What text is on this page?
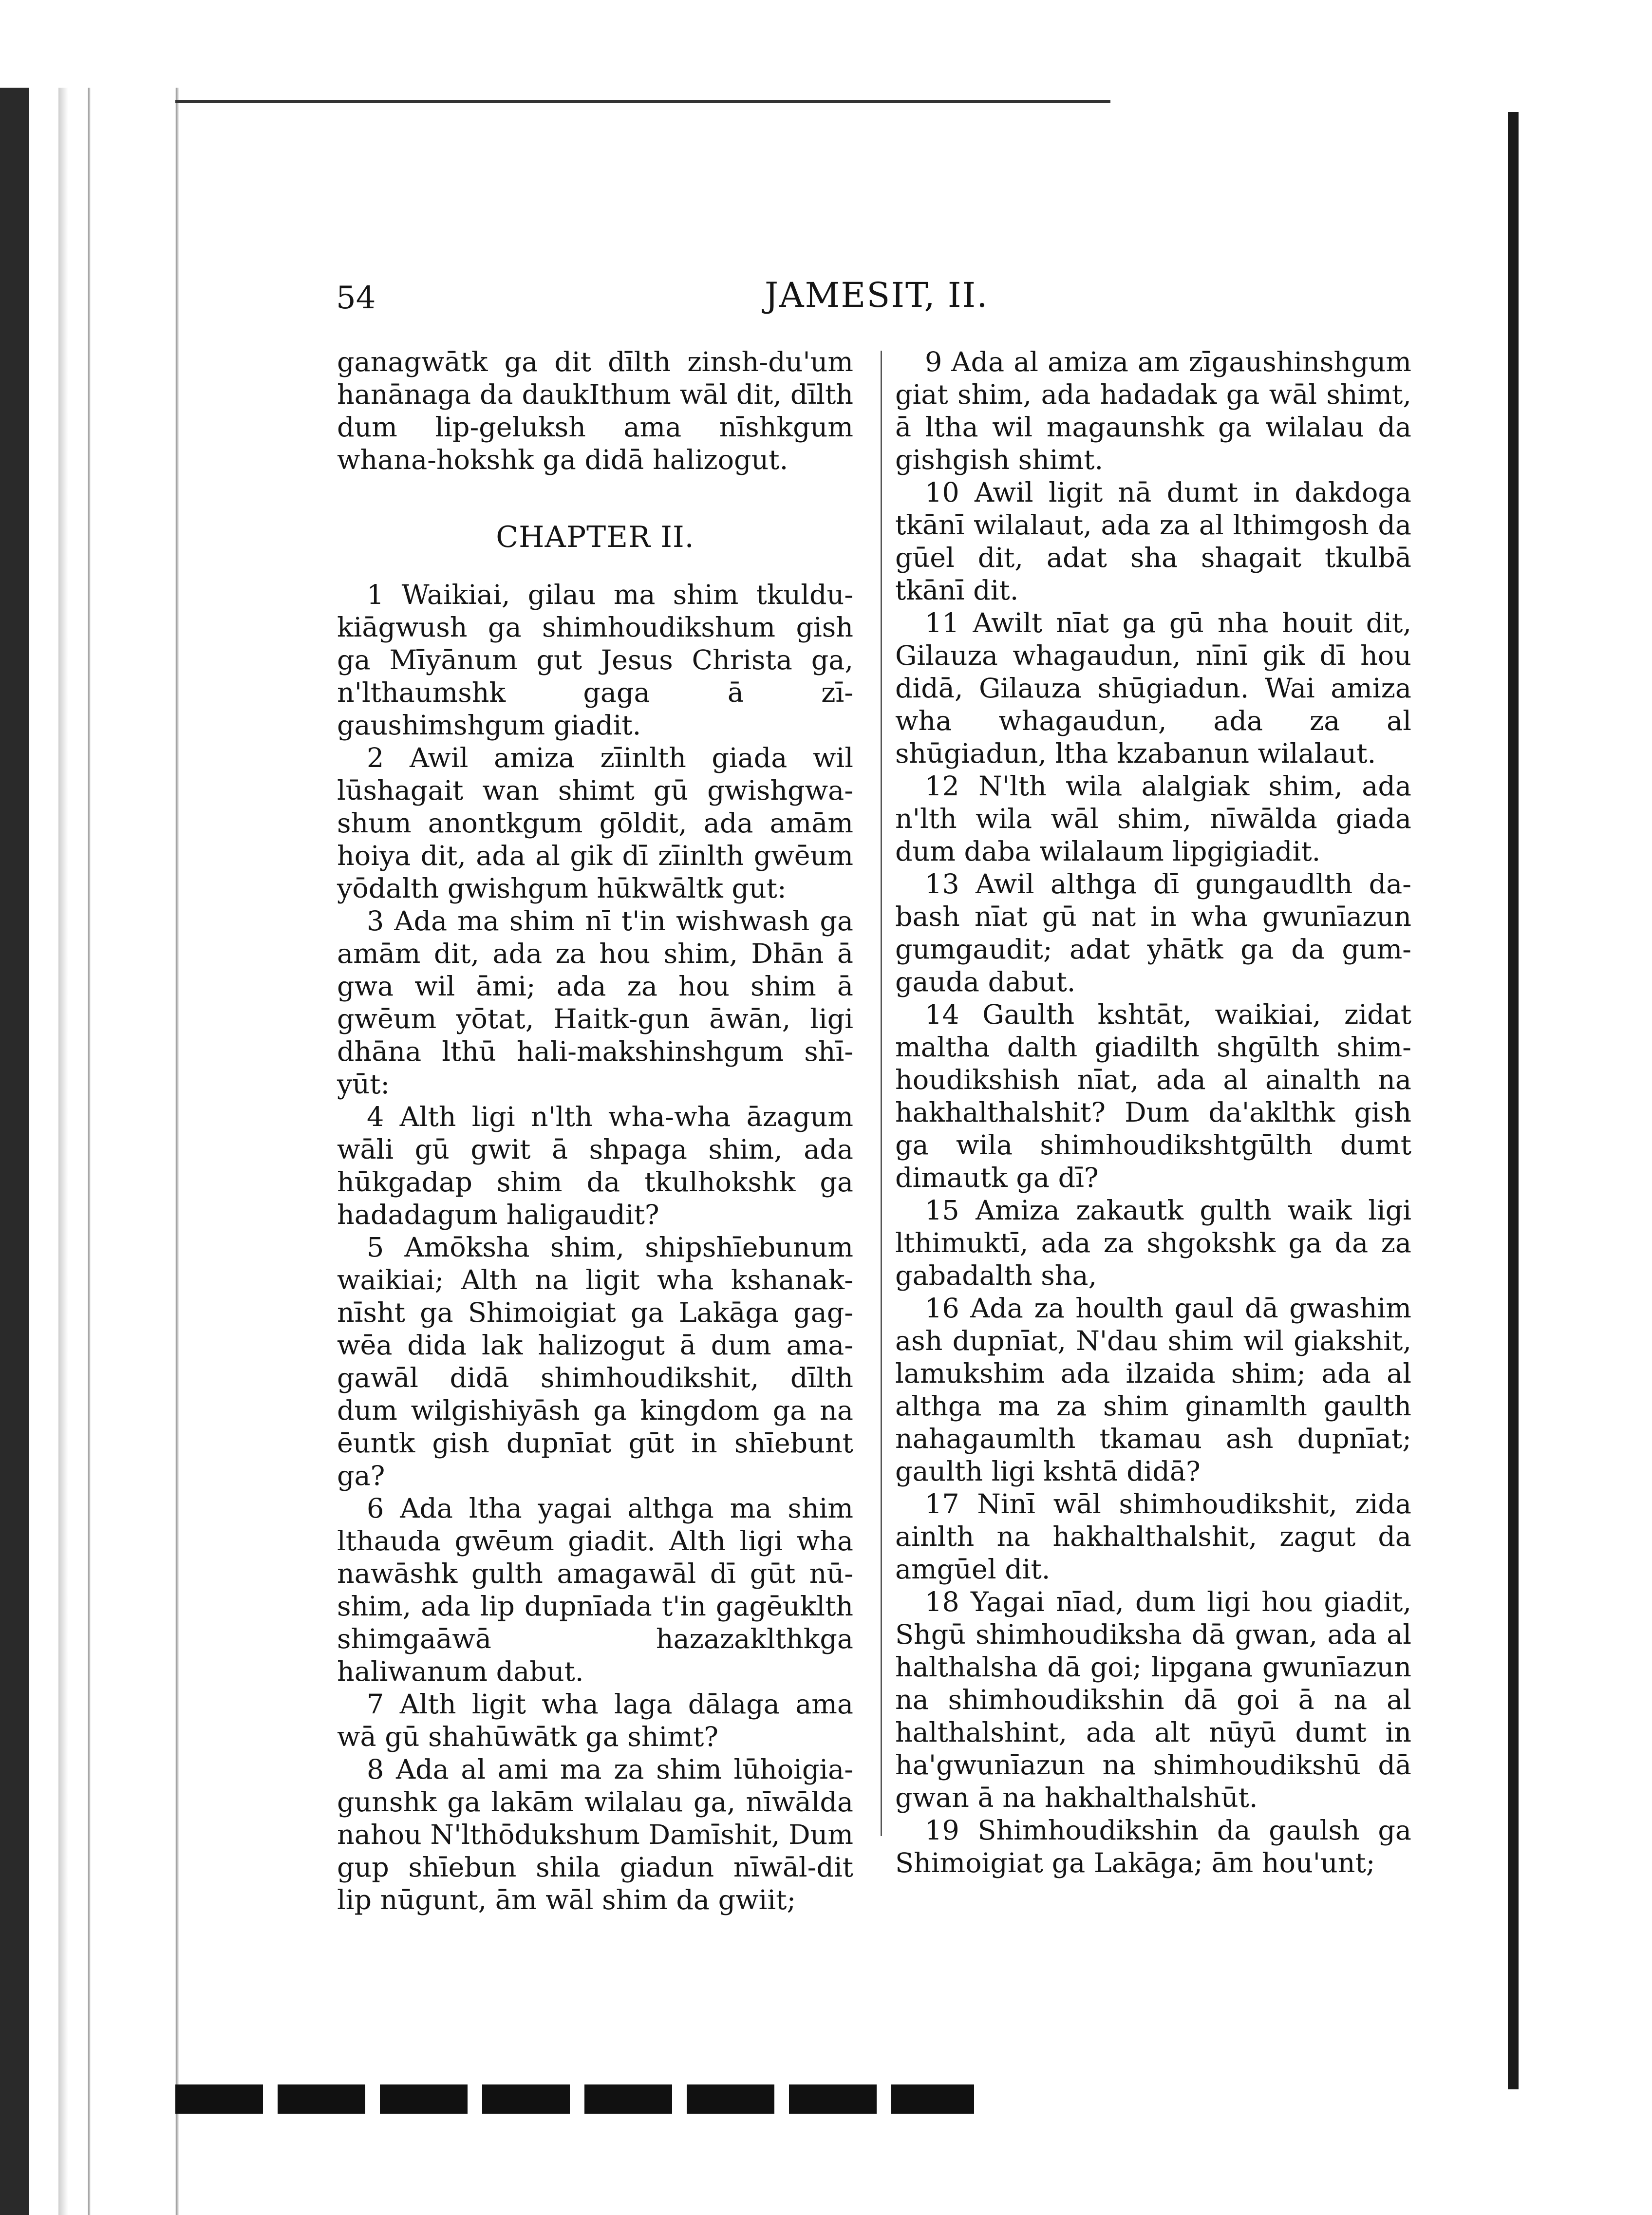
54	JAMESIT, II.

ganagwātk ga dit dīlth zinsh-du'um hanānaga da daukIthum wāl dit, dīlth dum lip-geluksh ama nīshkgum whana-hokshk ga didā halizogut.

CHAPTER II.

1 Waikiai, gilau ma shim tkuldu-kiāgwush ga shimhoudikshum gish ga Mīyānum gut Jesus Christa ga, n'lthaumshk gaga ā zī-gaushimshgum giadit.

2 Awil amiza zīinlth giada wil lūshagait wan shimt gū gwishgwa-shum anontkgum gōldit, ada amām hoiya dit, ada al gik dī zīinlth gwēum yōdalth gwishgum hūkwāltk gut:

3 Ada ma shim nī t'in wishwash ga amām dit, ada za hou shim, Dhān ā gwa wil āmi; ada za hou shim ā gwēum yōtat, Haitk-gun āwān, ligi dhāna lthū hali-makshinshgum shī-yūt:

4 Alth ligi n'lth wha-wha āzagum wāli gū gwit ā shpaga shim, ada hūkgadap shim da tkulhokshk ga hadadagum haligaudit?

5 Amōksha shim, shipshīebunum waikiai; Alth na ligit wha kshanak-nīsht ga Shimoigiat ga Lakāga gag-wēa dida lak halizogut ā dum ama-gawāl didā shimhoudikshit, dīlth dum wilgishiyāsh ga kingdom ga na ēuntk gish dupnīat gūt in shīebunt ga?

6 Ada ltha yagai althga ma shim lthauda gwēum giadit. Alth ligi wha nawāshk gulth amagawāl dī gūt nū-shim, ada lip dupnīada t'in gagēuklth shimgaāwā hazazaklthkga haliwanum dabut.

7 Alth ligit wha laga dālaga ama wā gū shahūwātk ga shimt?

8 Ada al ami ma za shim lūhoigia-gunshk ga lakām wilalau ga, nīwālda nahou N'lthōdukshum Damīshit, Dum gup shīebun shila giadun nīwāl-dit lip nūgunt, ām wāl shim da gwiit;

9 Ada al amiza am zīgaushinshgum giat shim, ada hadadak ga wāl shimt, ā ltha wil magaunshk ga wilalau da gishgish shimt.

10 Awil ligit nā dumt in dakdoga tkānī wilalaut, ada za al lthimgosh da gūel dit, adat sha shagait tkulbā tkānī dit.

11 Awilt nīat ga gū nha houit dit, Gilauza whagaudun, nīnī gik dī hou didā, Gilauza shūgiadun. Wai amiza wha whagaudun, ada za al shūgiadun, ltha kzabanun wilalaut.

12 N'lth wila alalgiak shim, ada n'lth wila wāl shim, nīwālda giada dum daba wilalaum lipgigiadit.

13 Awil althga dī gungaudlth da-bash nīat gū nat in wha gwunīazun gumgaudit; adat yhātk ga da gum-gauda dabut.

14 Gaulth kshtāt, waikiai, zidat maltha dalth giadilth shgūlth shim-houdikshish nīat, ada al ainalth na hakhalthalshit? Dum da'aklthk gish ga wila shimhoudikshtgūlth dumt dimautk ga dī?

15 Amiza zakautk gulth waik ligi lthimuktī, ada za shgokshk ga da za gabadalth sha,

16 Ada za houlth gaul dā gwashim ash dupnīat, N'dau shim wil giakshit, lamukshim ada ilzaida shim; ada al althga ma za shim ginamlth gaulth nahagaumlth tkamau ash dupnīat; gaulth ligi kshtā didā?

17 Ninī wāl shimhoudikshit, zida ainlth na hakhalthalshit, zagut da amgūel dit.

18 Yagai nīad, dum ligi hou giadit, Shgū shimhoudiksha dā gwan, ada al halthalsha dā goi; lipgana gwunīazun na shimhoudikshin dā goi ā na al halthalshint, ada alt nūyū dumt in ha'gwunīazun na shimhoudikshū dā gwan ā na hakhalthalshūt.

19 Shimhoudikshin da gaulsh ga Shimoigiat ga Lakāga; ām hou'unt;
